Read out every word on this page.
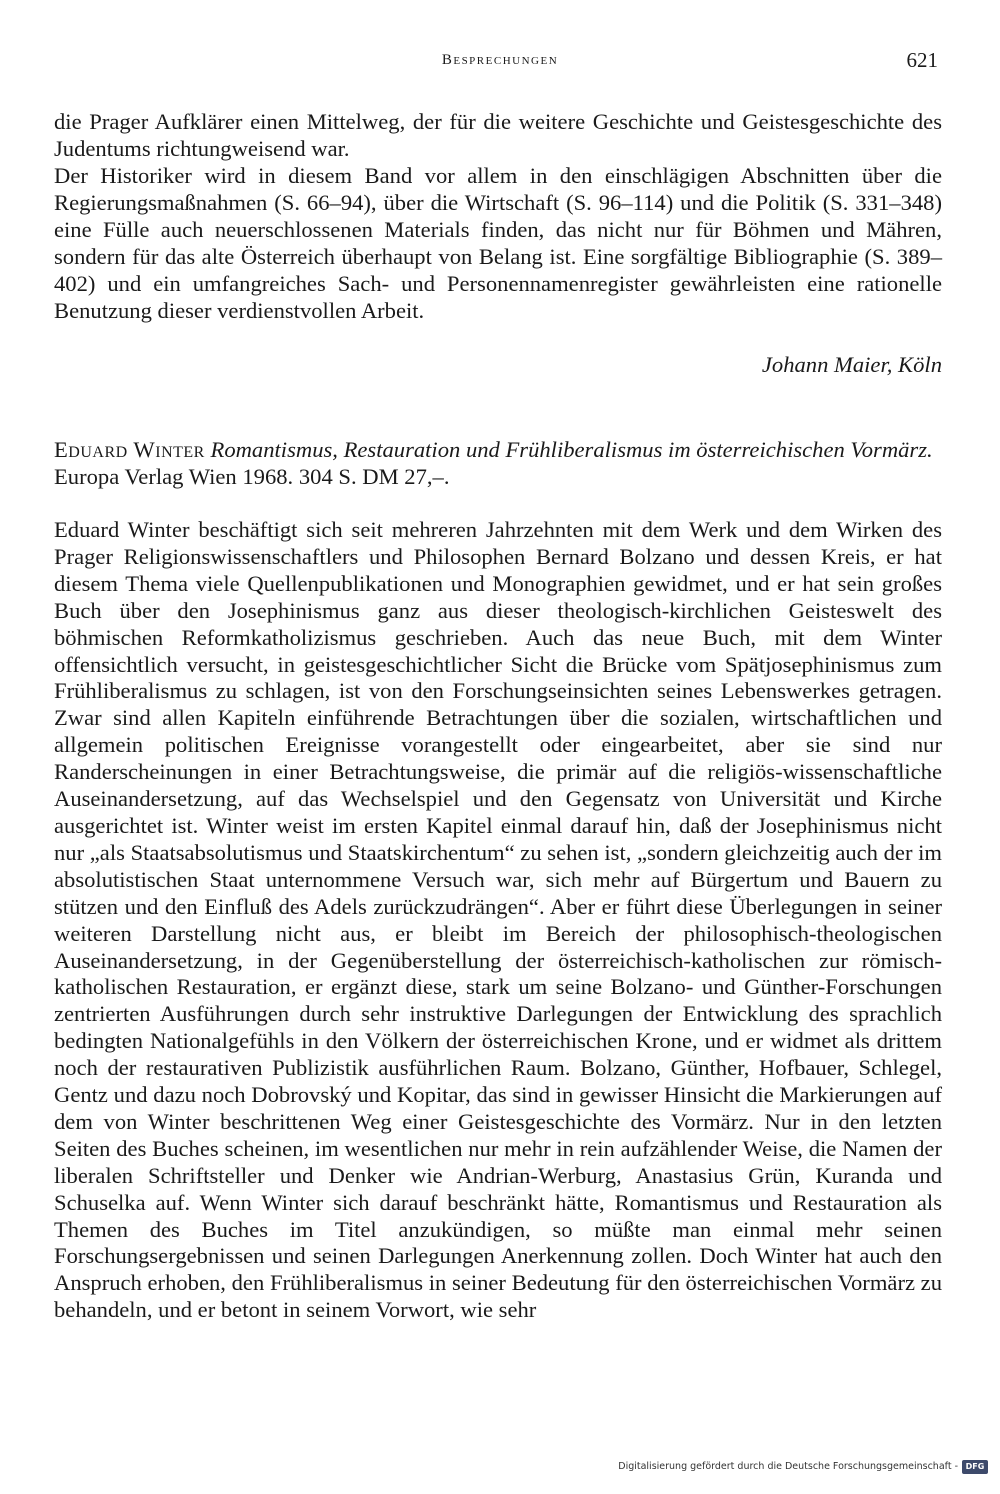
Besprechungen	621

die Prager Aufklärer einen Mittelweg, der für die weitere Geschichte und Geistesgeschichte des Judentums richtungweisend war.

Der Historiker wird in diesem Band vor allem in den einschlägigen Abschnitten über die Regierungsmaßnahmen (S. 66–94), über die Wirtschaft (S. 96–114) und die Politik (S. 331–348) eine Fülle auch neuerschlossenen Materials finden, das nicht nur für Böhmen und Mähren, sondern für das alte Österreich überhaupt von Belang ist. Eine sorgfältige Bibliographie (S. 389–402) und ein umfangreiches Sach- und Personennamenregister gewährleisten eine rationelle Benutzung dieser verdienstvollen Arbeit.

Johann Maier, Köln
Eduard Winter Romantismus, Restauration und Frühliberalismus im österreichischen Vormärz. Europa Verlag Wien 1968. 304 S. DM 27,–.

Eduard Winter beschäftigt sich seit mehreren Jahrzehnten mit dem Werk und dem Wirken des Prager Religionswissenschaftlers und Philosophen Bernard Bolzano und dessen Kreis, er hat diesem Thema viele Quellenpublikationen und Monographien gewidmet, und er hat sein großes Buch über den Josephinismus ganz aus dieser theologisch-kirchlichen Geisteswelt des böhmischen Reformkatholizismus geschrieben. Auch das neue Buch, mit dem Winter offensichtlich versucht, in geistesgeschichtlicher Sicht die Brücke vom Spätjosephinismus zum Frühliberalismus zu schlagen, ist von den Forschungseinsichten seines Lebenswerkes getragen. Zwar sind allen Kapiteln einführende Betrachtungen über die sozialen, wirtschaftlichen und allgemein politischen Ereignisse vorangestellt oder eingearbeitet, aber sie sind nur Randerscheinungen in einer Betrachtungsweise, die primär auf die religiös-wissenschaftliche Auseinandersetzung, auf das Wechselspiel und den Gegensatz von Universität und Kirche ausgerichtet ist. Winter weist im ersten Kapitel einmal darauf hin, daß der Josephinismus nicht nur „als Staatsabsolutismus und Staatskirchentum“ zu sehen ist, „sondern gleichzeitig auch der im absolutistischen Staat unternommene Versuch war, sich mehr auf Bürgertum und Bauern zu stützen und den Einfluß des Adels zurückzudrängen“. Aber er führt diese Überlegungen in seiner weiteren Darstellung nicht aus, er bleibt im Bereich der philosophisch-theologischen Auseinandersetzung, in der Gegenüberstellung der österreichisch-katholischen zur römisch-katholischen Restauration, er ergänzt diese, stark um seine Bolzano- und Günther-Forschungen zentrierten Ausführungen durch sehr instruktive Darlegungen der Entwicklung des sprachlich bedingten Nationalgefühls in den Völkern der österreichischen Krone, und er widmet als drittem noch der restaurativen Publizistik ausführlichen Raum. Bolzano, Günther, Hofbauer, Schlegel, Gentz und dazu noch Dobrovský und Kopitar, das sind in gewisser Hinsicht die Markierungen auf dem von Winter beschrittenen Weg einer Geistesgeschichte des Vormärz. Nur in den letzten Seiten des Buches scheinen, im wesentlichen nur mehr in rein aufzählender Weise, die Namen der liberalen Schriftsteller und Denker wie Andrian-Werburg, Anastasius Grün, Kuranda und Schuselka auf. Wenn Winter sich darauf beschränkt hätte, Romantismus und Restauration als Themen des Buches im Titel anzukündigen, so müßte man einmal mehr seinen Forschungsergebnissen und seinen Darlegungen Anerkennung zollen. Doch Winter hat auch den Anspruch erhoben, den Frühliberalismus in seiner Bedeutung für den österreichischen Vormärz zu behandeln, und er betont in seinem Vorwort, wie sehr

Digitalisierung gefördert durch die Deutsche Forschungsgemeinschaft - DFG
